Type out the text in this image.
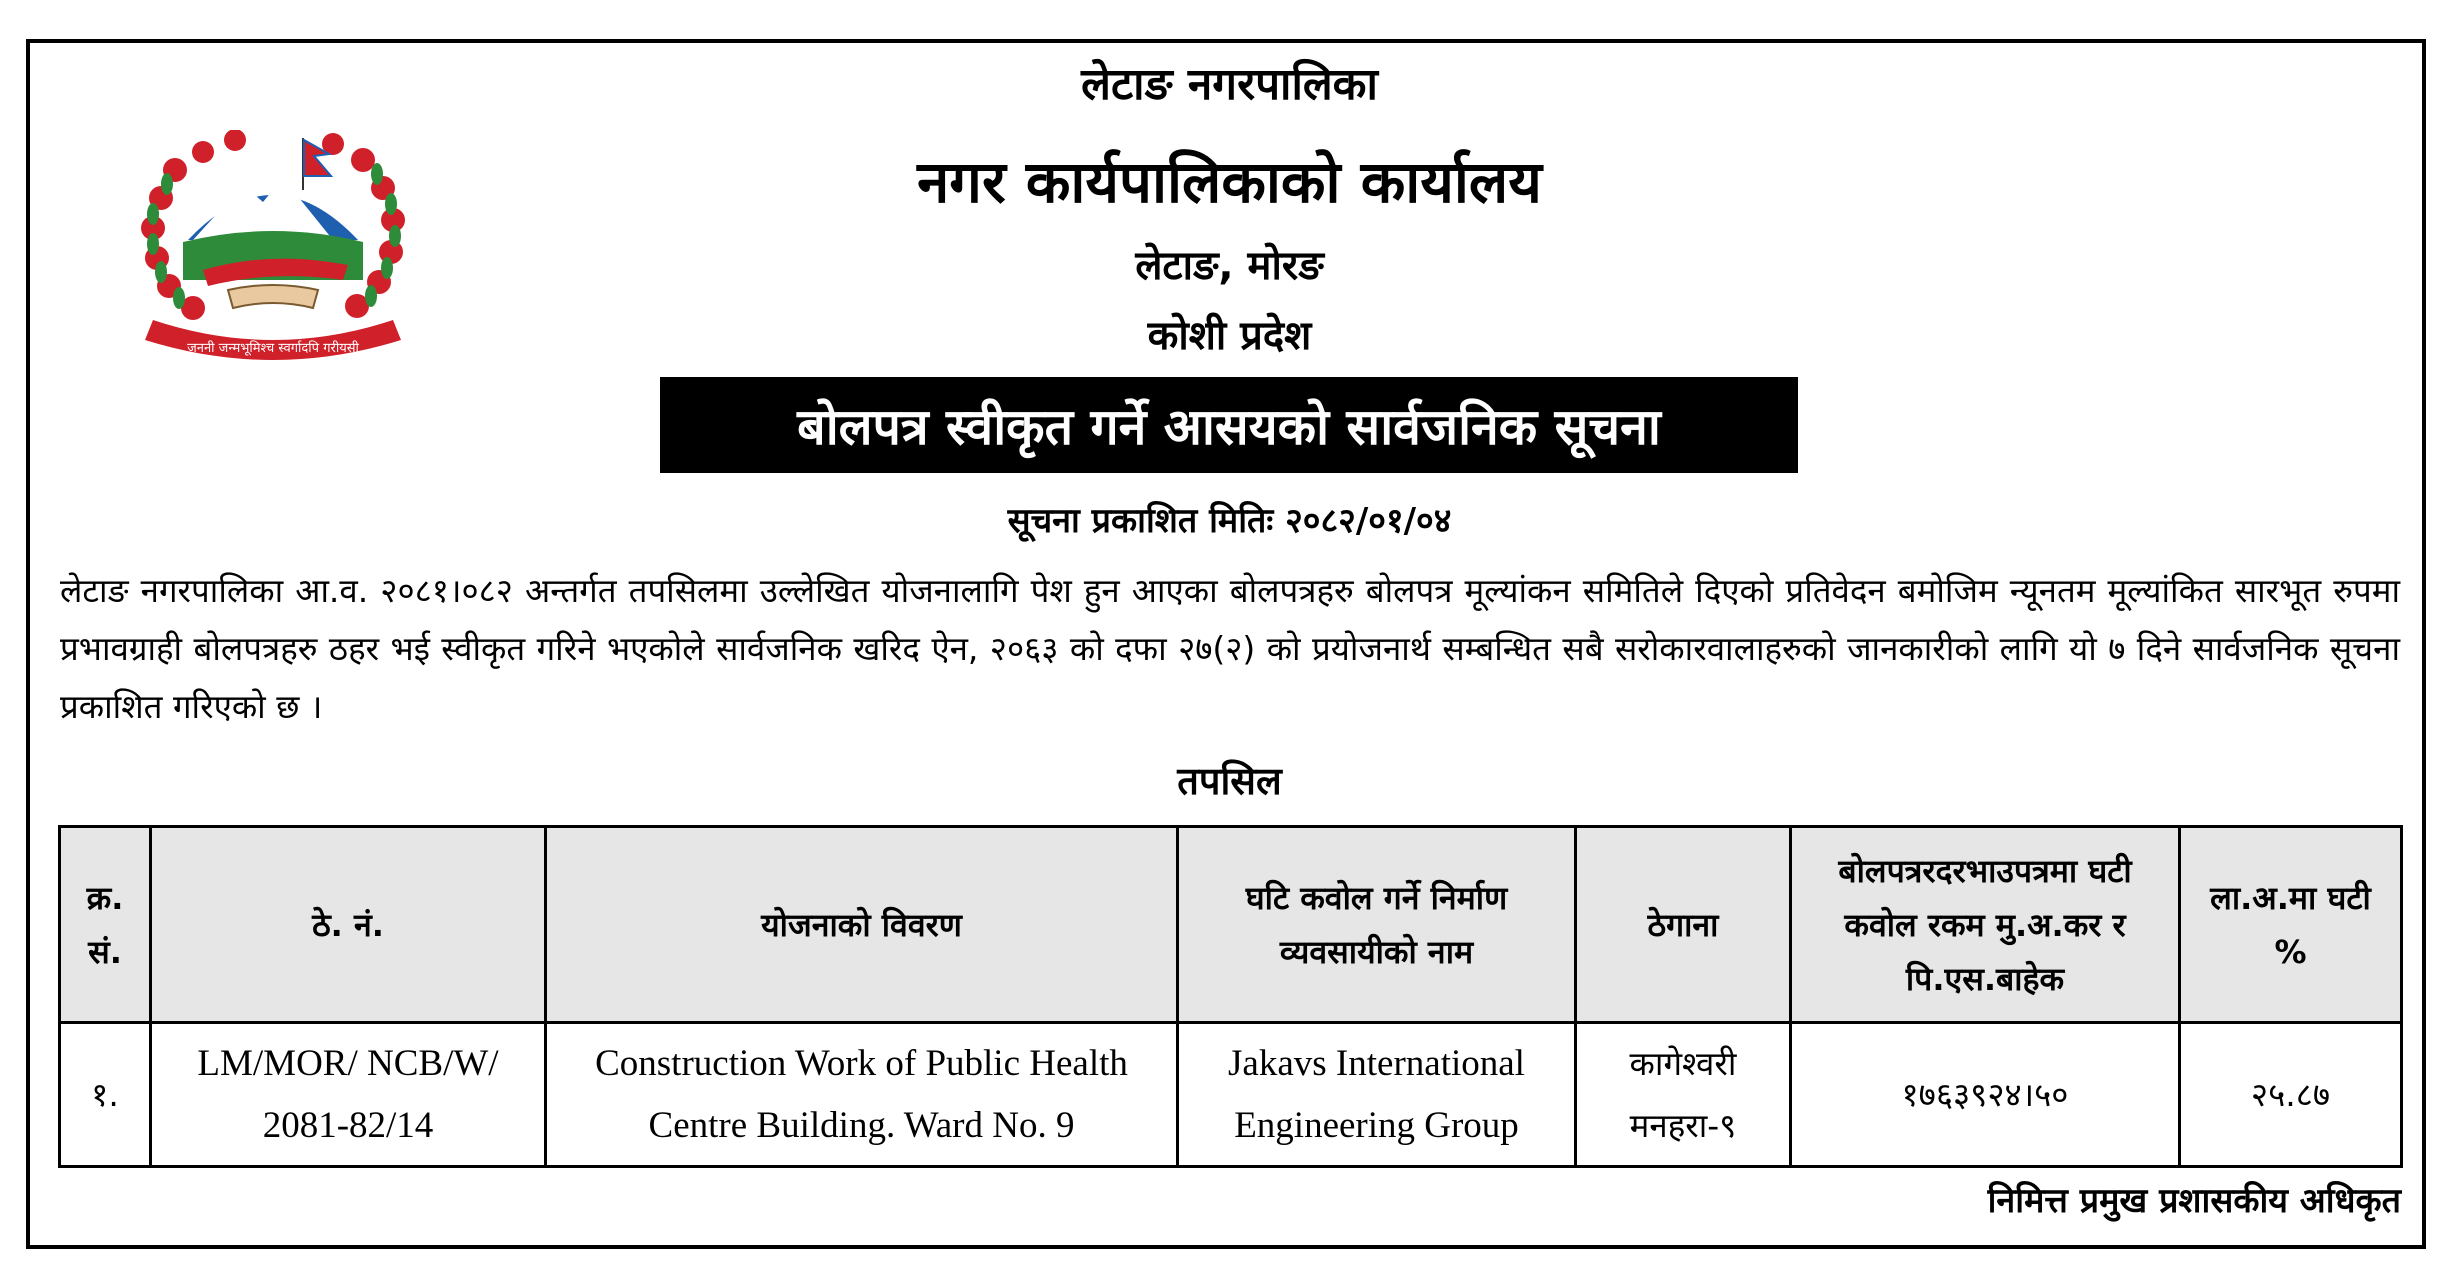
जननी जन्मभूमिश्च स्वर्गादपि गरीयसी
लेटाङ नगरपालिका
नगर कार्यपालिकाको कार्यालय
लेटाङ, मोरङ
कोशी प्रदेश
बोलपत्र स्वीकृत गर्ने आसयको सार्वजनिक सूचना
सूचना प्रकाशित मितिः २०८२/०१/०४
लेटाङ नगरपालिका आ.व. २०८१।०८२ अन्तर्गत तपसिलमा उल्लेखित योजनालागि पेश हुन आएका बोलपत्रहरु बोलपत्र मूल्यांकन समितिले दिएको प्रतिवेदन बमोजिम न्यूनतम मूल्यांकित सारभूत रुपमा प्रभावग्राही बोलपत्रहरु ठहर भई स्वीकृत गरिने भएकोले सार्वजनिक खरिद ऐन, २०६३ को दफा २७(२) को प्रयोजनार्थ सम्बन्धित सबै सरोकारवालाहरुको जानकारीको लागि यो ७ दिने सार्वजनिक सूचना प्रकाशित गरिएको छ ।
तपसिल
क्र. सं.	ठे. नं.	योजनाको विवरण	घटि कवोल गर्ने निर्माण व्यवसायीको नाम	ठेगाना	बोलपत्ररदरभाउपत्रमा घटी कवोल रकम मु.अ.कर र पि.एस.बाहेक	ला.अ.मा घटी %
१.	LM/MOR/ NCB/W/ 2081-82/14	Construction Work of Public Health Centre Building. Ward No. 9	Jakavs International Engineering Group	कागेश्वरी मनहरा-९	१७६३९२४।५०	२५.८७
निमित्त प्रमुख प्रशासकीय अधिकृत
